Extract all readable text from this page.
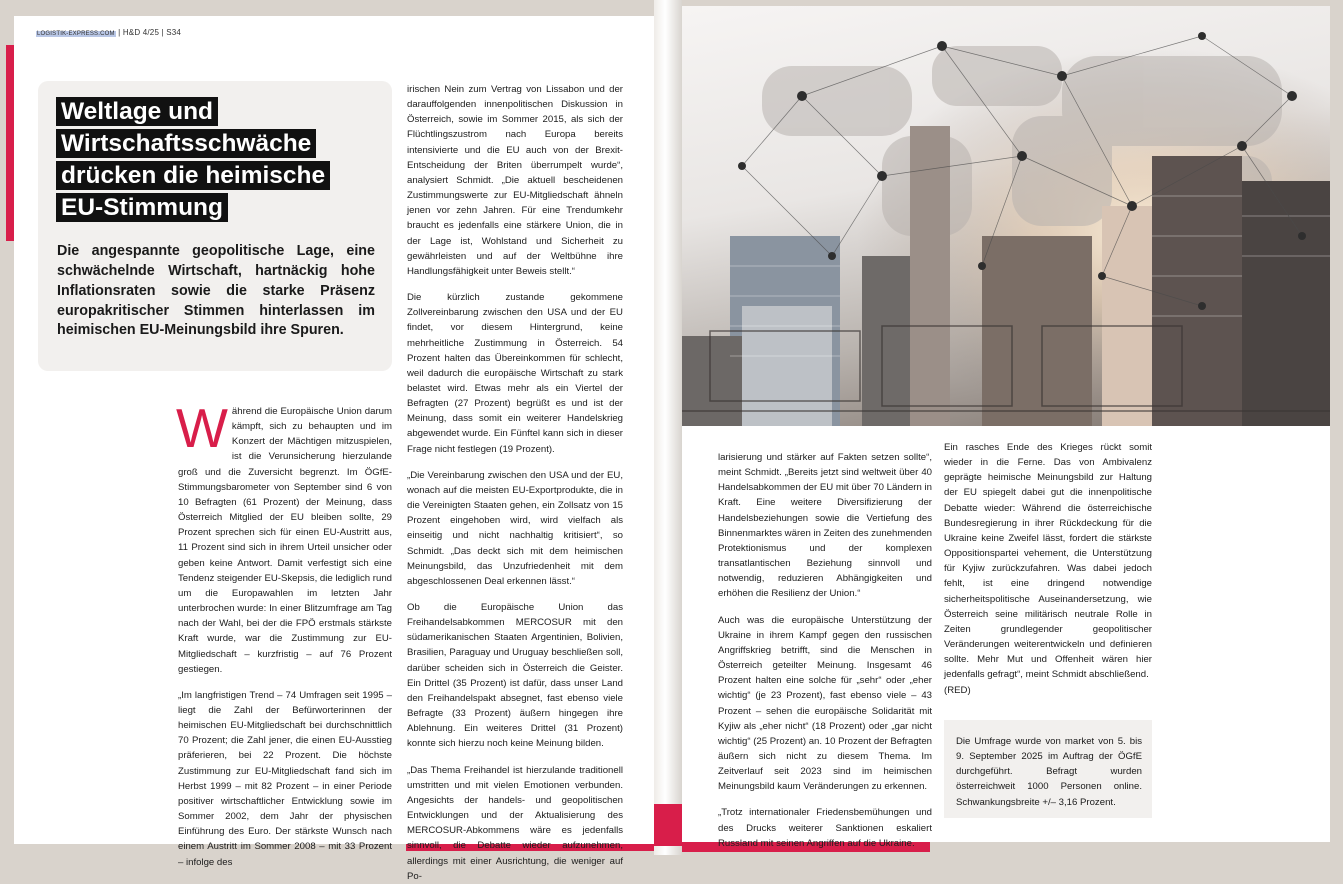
LOGISTIK-EXPRESS.COM | H&D 4/25 | S34
Weltlage und
Wirtschaftsschwäche
drücken die heimische
EU-Stimmung

Die angespannte geopolitische Lage, eine schwächelnde Wirtschaft, hartnäckig hohe Inflationsraten sowie die starke Präsenz europakritischer Stimmen hinterlassen im heimischen EU-Meinungsbild ihre Spuren.

Während die Europäische Union darum kämpft, sich zu behaupten und im Konzert der Mächtigen mitzuspielen, ist die Verunsicherung hierzulande groß und die Zuversicht begrenzt. Im ÖGfE-Stimmungsbarometer von September sind 6 von 10 Befragten (61 Prozent) der Meinung, dass Österreich Mitglied der EU bleiben sollte, 29 Prozent sprechen sich für einen EU-Austritt aus, 11 Prozent sind sich in ihrem Urteil unsicher oder geben keine Antwort. Damit verfestigt sich eine Tendenz steigender EU-Skepsis, die lediglich rund um die Europawahlen im letzten Jahr unterbrochen wurde: In einer Blitzumfrage am Tag nach der Wahl, bei der die FPÖ erstmals stärkste Kraft wurde, war die Zustimmung zur EU-Mitgliedschaft – kurzfristig – auf 76 Prozent gestiegen.

„Im langfristigen Trend – 74 Umfragen seit 1995 – liegt die Zahl der Befürworterinnen der heimischen EU-Mitgliedschaft bei durchschnittlich 70 Prozent; die Zahl jener, die einen EU-Ausstieg präferieren, bei 22 Prozent. Die höchste Zustimmung zur EU-Mitgliedschaft fand sich im Herbst 1999 – mit 82 Prozent – in einer Periode positiver wirtschaftlicher Entwicklung sowie im Sommer 2002, dem Jahr der physischen Einführung des Euro. Der stärkste Wunsch nach einem Austritt im Sommer 2008 – mit 33 Prozent – infolge des

irischen Nein zum Vertrag von Lissabon und der darauffolgenden innenpolitischen Diskussion in Österreich, sowie im Sommer 2015, als sich der Flüchtlingszustrom nach Europa bereits intensivierte und die EU auch von der Brexit-Entscheidung der Briten überrumpelt wurde“, analysiert Schmidt. „Die aktuell bescheidenen Zustimmungswerte zur EU-Mitgliedschaft ähneln jenen vor zehn Jahren. Für eine Trendumkehr braucht es jedenfalls eine stärkere Union, die in der Lage ist, Wohlstand und Sicherheit zu gewährleisten und auf der Weltbühne ihre Handlungsfähigkeit unter Beweis stellt.“

Die kürzlich zustande gekommene Zollvereinbarung zwischen den USA und der EU findet, vor diesem Hintergrund, keine mehrheitliche Zustimmung in Österreich. 54 Prozent halten das Übereinkommen für schlecht, weil dadurch die europäische Wirtschaft zu stark belastet wird. Etwas mehr als ein Viertel der Befragten (27 Prozent) begrüßt es und ist der Meinung, dass somit ein weiterer Handelskrieg abgewendet wurde. Ein Fünftel kann sich in dieser Frage nicht festlegen (19 Prozent).

„Die Vereinbarung zwischen den USA und der EU, wonach auf die meisten EU-Exportprodukte, die in die Vereinigten Staaten gehen, ein Zollsatz von 15 Prozent eingehoben wird, wird vielfach als einseitig und nicht nachhaltig kritisiert“, so Schmidt. „Das deckt sich mit dem heimischen Meinungsbild, das Unzufriedenheit mit dem abgeschlossenen Deal erkennen lässt.“

Ob die Europäische Union das Freihandelsabkommen MERCOSUR mit den südamerikanischen Staaten Argentinien, Bolivien, Brasilien, Paraguay und Uruguay beschließen soll, darüber scheiden sich in Österreich die Geister. Ein Drittel (35 Prozent) ist dafür, dass unser Land den Freihandelspakt absegnet, fast ebenso viele Befragte (33 Prozent) äußern hingegen ihre Ablehnung. Ein weiteres Drittel (31 Prozent) konnte sich hierzu noch keine Meinung bilden.

„Das Thema Freihandel ist hierzulande traditionell umstritten und mit vielen Emotionen verbunden. Angesichts der handels- und geopolitischen Entwicklungen und der Aktualisierung des MERCOSUR-Abkommens wäre es jedenfalls sinnvoll, die Debatte wieder aufzunehmen, allerdings mit einer Ausrichtung, die weniger auf Po-

larisierung und stärker auf Fakten setzen sollte“, meint Schmidt. „Bereits jetzt sind weltweit über 40 Handelsabkommen der EU mit über 70 Ländern in Kraft. Eine weitere Diversifizierung der Handelsbeziehungen sowie die Vertiefung des Binnenmarktes wären in Zeiten des zunehmenden Protektionismus und der komplexen transatlantischen Beziehung sinnvoll und notwendig, reduzieren Abhängigkeiten und erhöhen die Resilienz der Union.“

Auch was die europäische Unterstützung der Ukraine in ihrem Kampf gegen den russischen Angriffskrieg betrifft, sind die Menschen in Österreich geteilter Meinung. Insgesamt 46 Prozent halten eine solche für „sehr“ oder „eher wichtig“ (je 23 Prozent), fast ebenso viele – 43 Prozent – sehen die europäische Solidarität mit Kyjiw als „eher nicht“ (18 Prozent) oder „gar nicht wichtig“ (25 Prozent) an. 10 Prozent der Befragten äußern sich nicht zu diesem Thema. Im Zeitverlauf seit 2023 sind im heimischen Meinungsbild kaum Veränderungen zu erkennen.

„Trotz internationaler Friedensbemühungen und des Drucks weiterer Sanktionen eskaliert Russland mit seinen Angriffen auf die Ukraine.

Ein rasches Ende des Krieges rückt somit wieder in die Ferne. Das von Ambivalenz geprägte heimische Meinungsbild zur Haltung der EU spiegelt dabei gut die innenpolitische Debatte wieder: Während die österreichische Bundesregierung in ihrer Rückdeckung für die Ukraine keine Zweifel lässt, fordert die stärkste Oppositionspartei vehement, die Unterstützung für Kyjiw zurückzufahren. Was dabei jedoch fehlt, ist eine dringend notwendige sicherheitspolitische Auseinandersetzung, wie Österreich seine militärisch neutrale Rolle in Zeiten grundlegender geopolitischer Veränderungen weiterentwickeln und definieren sollte. Mehr Mut und Offenheit wären hier jedenfalls gefragt“, meint Schmidt abschließend.

(RED)

Die Umfrage wurde von market von 5. bis 9. September 2025 im Auftrag der ÖGfE durchgeführt. Befragt wurden österreichweit 1000 Personen online. Schwankungsbreite +/– 3,16 Prozent.
